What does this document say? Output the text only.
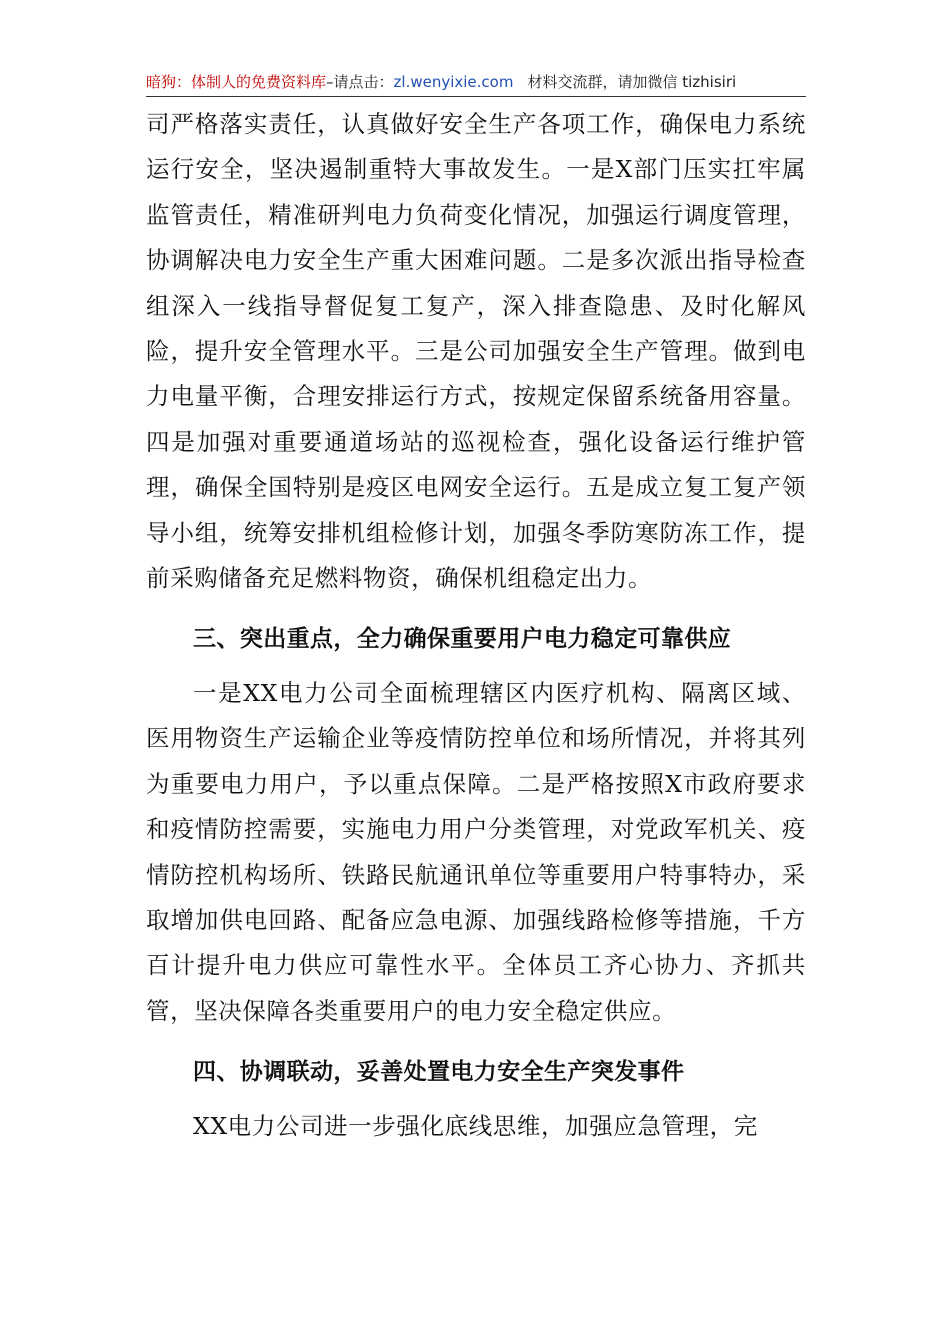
暗狗：体制人的免费资料库–请点击：zl.wenyixie.com 材料交流群，请加微信 tizhisiri

司严格落实责任，认真做好安全生产各项工作，确保电力系统运行安全，坚决遏制重特大事故发生。一是X部门压实扛牢属监管责任，精准研判电力负荷变化情况，加强运行调度管理，协调解决电力安全生产重大困难问题。二是多次派出指导检查组深入一线指导督促复工复产，深入排查隐患、及时化解风险，提升安全管理水平。三是公司加强安全生产管理。做到电力电量平衡，合理安排运行方式，按规定保留系统备用容量。四是加强对重要通道场站的巡视检查，强化设备运行维护管理，确保全国特别是疫区电网安全运行。五是成立复工复产领导小组，统筹安排机组检修计划，加强冬季防寒防冻工作，提前采购储备充足燃料物资，确保机组稳定出力。

三、突出重点，全力确保重要用户电力稳定可靠供应

一是XX电力公司全面梳理辖区内医疗机构、隔离区域、医用物资生产运输企业等疫情防控单位和场所情况，并将其列为重要电力用户，予以重点保障。二是严格按照X市政府要求和疫情防控需要，实施电力用户分类管理，对党政军机关、疫情防控机构场所、铁路民航通讯单位等重要用户特事特办，采取增加供电回路、配备应急电源、加强线路检修等措施，千方百计提升电力供应可靠性水平。全体员工齐心协力、齐抓共管，坚决保障各类重要用户的电力安全稳定供应。

四、协调联动，妥善处置电力安全生产突发事件

XX电力公司进一步强化底线思维，加强应急管理，完
